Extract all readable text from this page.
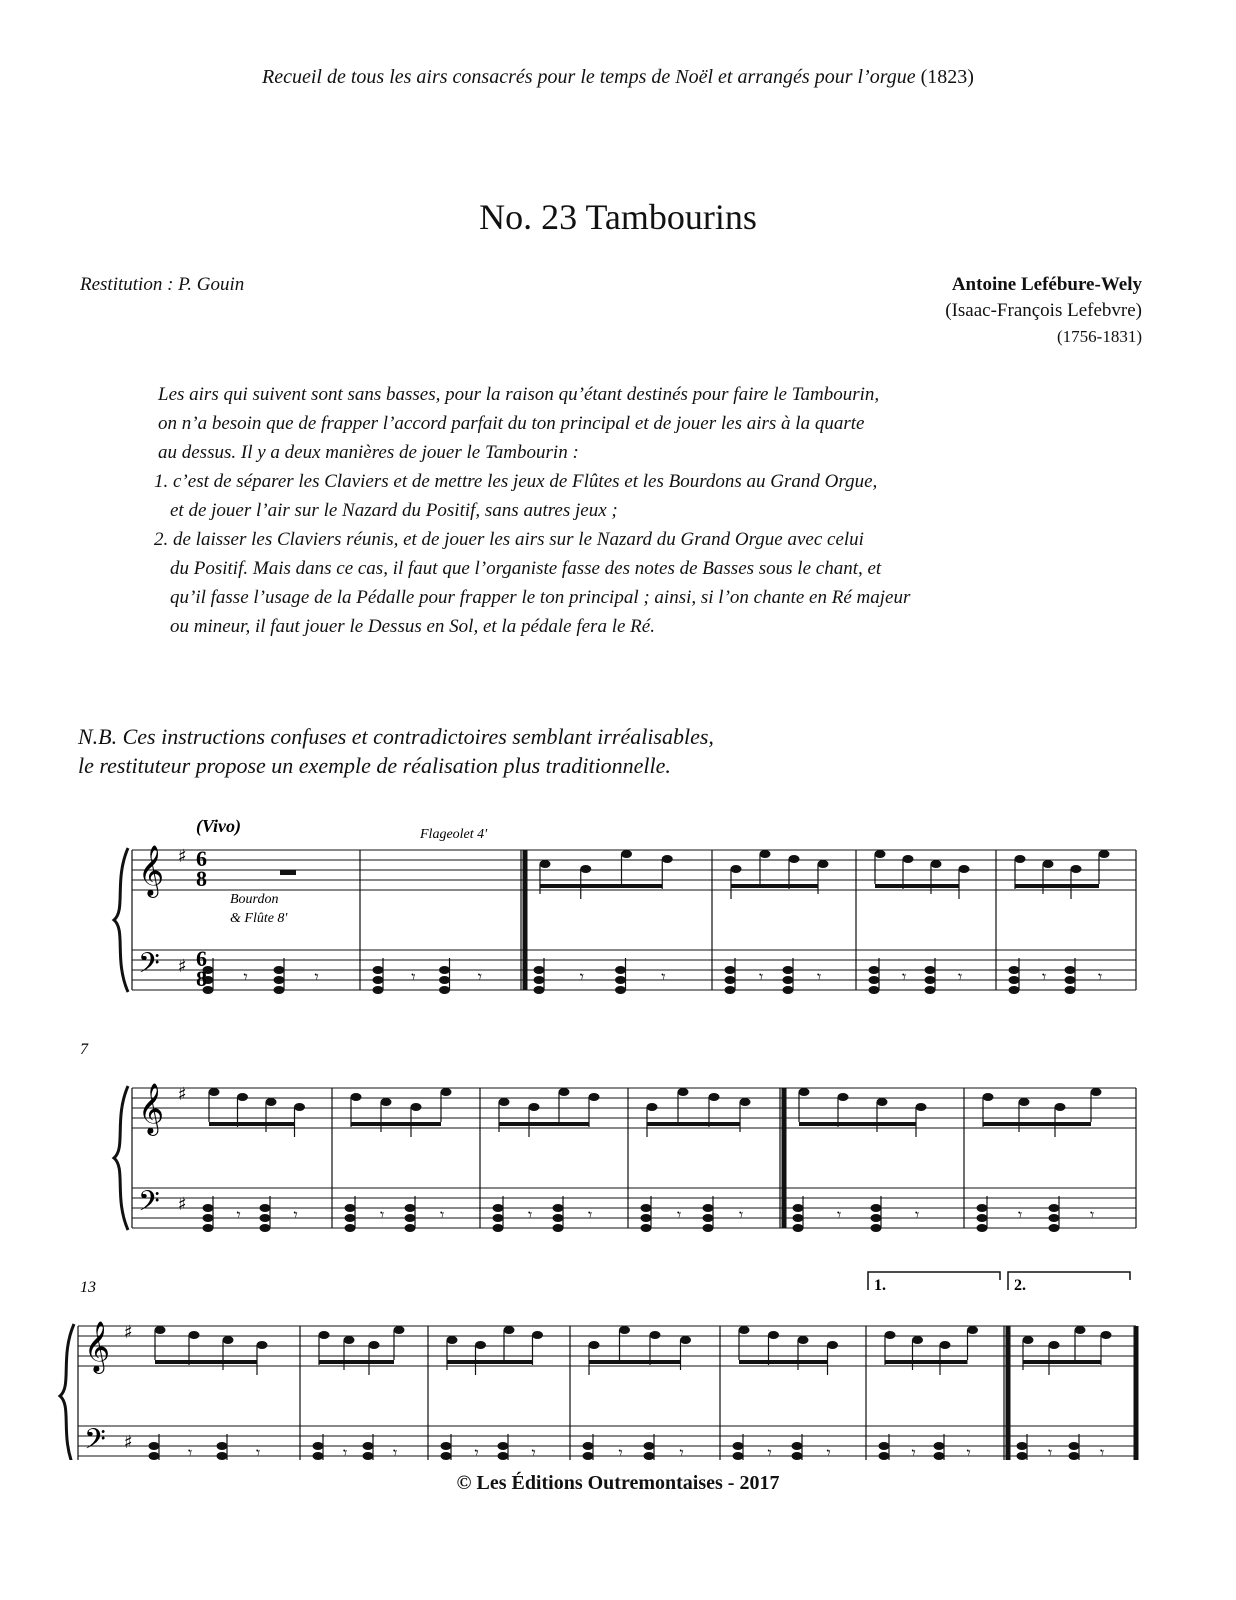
Recueil de tous les airs consacrés pour le temps de Noël et arrangés pour l’orgue (1823)
No. 23 Tambourins
Restitution : P. Gouin	Antoine Lefébure-Wely
(Isaac-François Lefebvre)
(1756-1831)
Les airs qui suivent sont sans basses, pour la raison qu’étant destinés pour faire le Tambourin,
on n’a besoin que de frapper l’accord parfait du ton principal et de jouer les airs à la quarte
au dessus. Il y a deux manières de jouer le Tambourin :
1. c’est de séparer les Claviers et de mettre les jeux de Flûtes et les Bourdons au Grand Orgue,
et de jouer l’air sur le Nazard du Positif, sans autres jeux ;
2. de laisser les Claviers réunis, et de jouer les airs sur le Nazard du Grand Orgue avec celui
du Positif. Mais dans ce cas, il faut que l’organiste fasse des notes de Basses sous le chant, et
qu’il fasse l’usage de la Pédalle pour frapper le ton principal ; ainsi, si l’on chante en Ré majeur
ou mineur, il faut jouer le Dessus en Sol, et la pédale fera le Ré.
N.B. Ces instructions confuses et contradictoires semblant irréalisables,
le restituteur propose un exemple de réalisation plus traditionnelle.
𝄞
𝄢
♯
♯	𝄾	𝄾	𝄾	𝄾	𝄾	𝄾	𝄾	𝄾	𝄾	𝄾	𝄾	𝄾
𝄞
𝄢
♯
♯	𝄾	𝄾	𝄾	𝄾	𝄾	𝄾	𝄾	𝄾	𝄾	𝄾	𝄾	𝄾
𝄞
𝄢
♯
♯	𝄾	𝄾	𝄾	𝄾	𝄾	𝄾	𝄾	𝄾	𝄾	𝄾	𝄾	𝄾	𝄾	𝄾
(Vivo)	Flageolet 4'
Bourdon
& Flûte 8'
6
8
6
8
7
13	1.	2.
© Les Éditions Outremontaises - 2017
